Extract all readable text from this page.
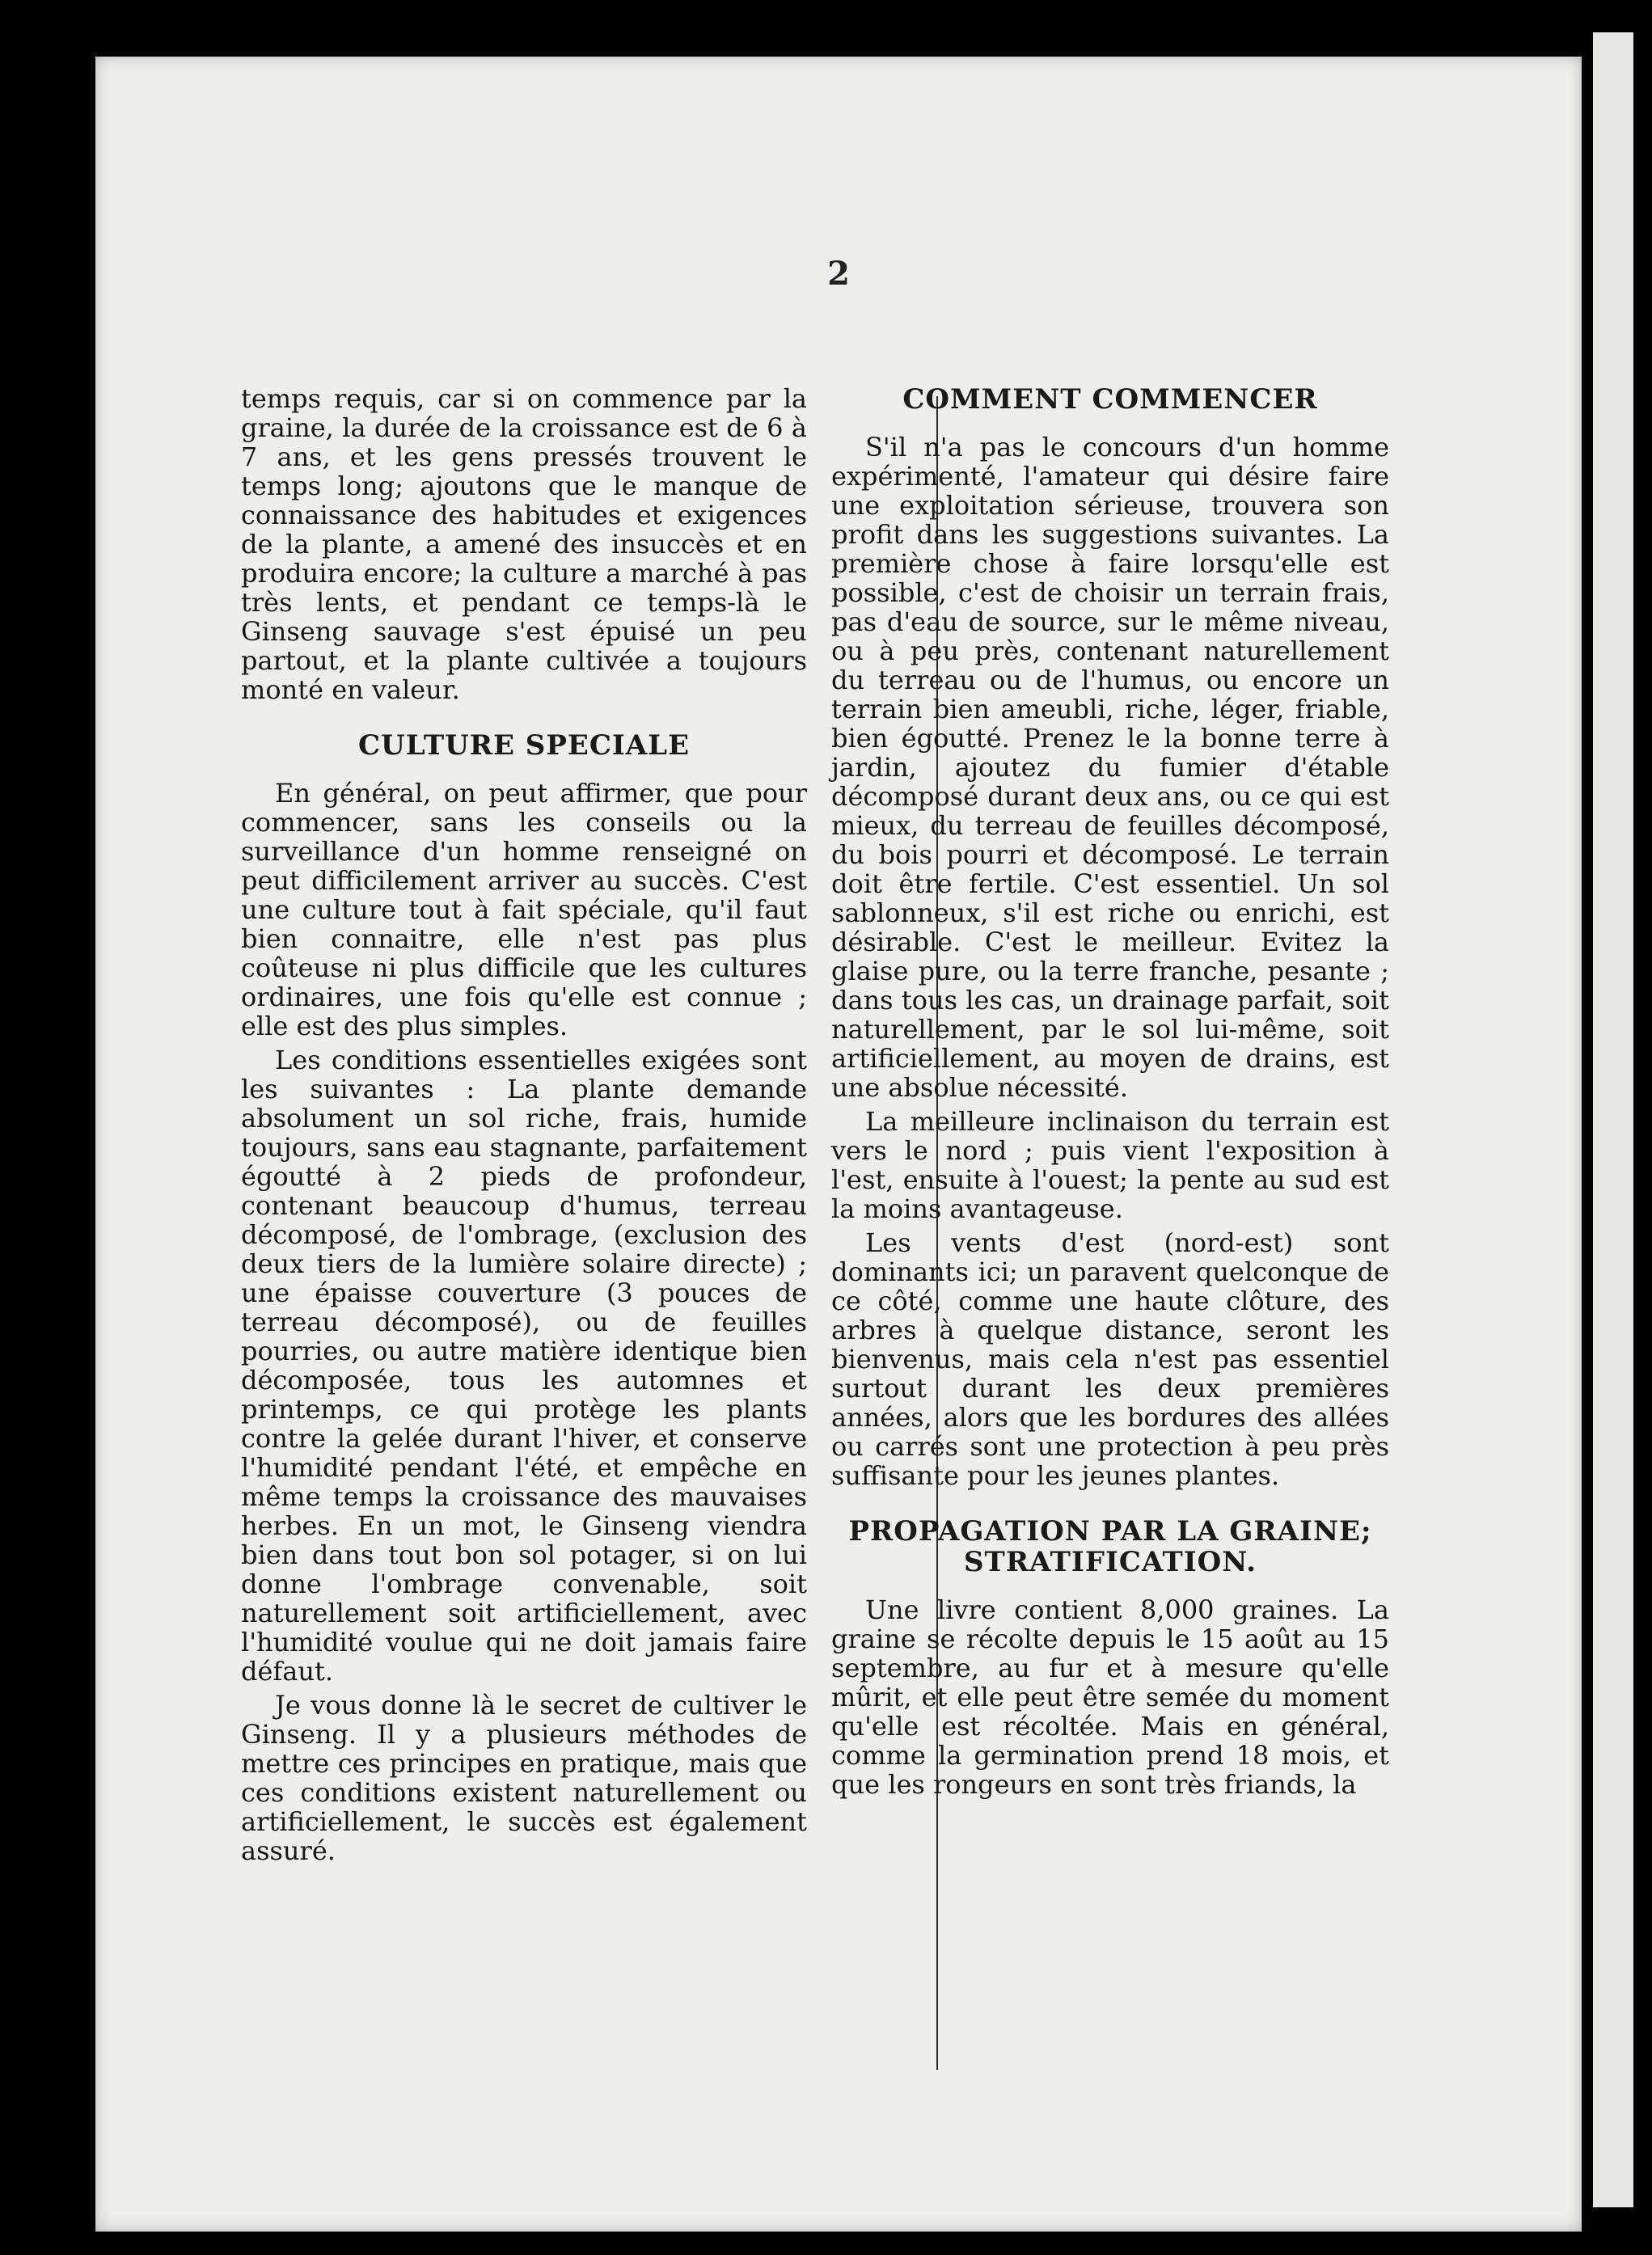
2

temps requis, car si on commence par la graine, la durée de la croissance est de 6 à 7 ans, et les gens pressés trouvent le temps long; ajoutons que le manque de connaissance des habitudes et exigences de la plante, a amené des insuccès et en produira encore; la culture a marché à pas très lents, et pendant ce temps-là le Ginseng sauvage s'est épuisé un peu partout, et la plante cultivée a toujours monté en valeur.

CULTURE SPECIALE

En général, on peut affirmer, que pour commencer, sans les conseils ou la surveillance d'un homme renseigné on peut difficilement arriver au succès. C'est une culture tout à fait spéciale, qu'il faut bien connaitre, elle n'est pas plus coûteuse ni plus difficile que les cultures ordinaires, une fois qu'elle est connue ; elle est des plus simples.

Les conditions essentielles exigées sont les suivantes : La plante demande absolument un sol riche, frais, humide toujours, sans eau stagnante, parfaitement égoutté à 2 pieds de profondeur, contenant beaucoup d'humus, terreau décomposé, de l'ombrage, (exclusion des deux tiers de la lumière solaire directe) ; une épaisse couverture (3 pouces de terreau décomposé), ou de feuilles pourries, ou autre matière identique bien décomposée, tous les automnes et printemps, ce qui protège les plants contre la gelée durant l'hiver, et conserve l'humidité pendant l'été, et empêche en même temps la croissance des mauvaises herbes. En un mot, le Ginseng viendra bien dans tout bon sol potager, si on lui donne l'ombrage convenable, soit naturellement soit artificiellement, avec l'humidité voulue qui ne doit jamais faire défaut.

Je vous donne là le secret de cultiver le Ginseng. Il y a plusieurs méthodes de mettre ces principes en pratique, mais que ces conditions existent naturellement ou artificiellement, le succès est également assuré.

COMMENT COMMENCER

S'il n'a pas le concours d'un homme expérimenté, l'amateur qui désire faire une exploitation sérieuse, trouvera son profit dans les suggestions suivantes. La première chose à faire lorsqu'elle est possible, c'est de choisir un terrain frais, pas d'eau de source, sur le même niveau, ou à peu près, contenant naturellement du terreau ou de l'humus, ou encore un terrain bien ameubli, riche, léger, friable, bien égoutté. Prenez le la bonne terre à jardin, ajoutez du fumier d'étable décomposé durant deux ans, ou ce qui est mieux, du terreau de feuilles décomposé, du bois pourri et décomposé. Le terrain doit être fertile. C'est essentiel. Un sol sablonneux, s'il est riche ou enrichi, est désirable. C'est le meilleur. Evitez la glaise pure, ou la terre franche, pesante ; dans tous les cas, un drainage parfait, soit naturellement, par le sol lui-même, soit artificiellement, au moyen de drains, est une absolue nécessité.

La meilleure inclinaison du terrain est vers le nord ; puis vient l'exposition à l'est, ensuite à l'ouest; la pente au sud est la moins avantageuse.

Les vents d'est (nord-est) sont dominants ici; un paravent quelconque de ce côté, comme une haute clôture, des arbres à quelque distance, seront les bienvenus, mais cela n'est pas essentiel surtout durant les deux premières années, alors que les bordures des allées ou carrés sont une protection à peu près suffisante pour les jeunes plantes.

PROPAGATION PAR LA GRAINE; STRATIFICATION.

Une livre contient 8,000 graines. La graine se récolte depuis le 15 août au 15 septembre, au fur et à mesure qu'elle mûrit, et elle peut être semée du moment qu'elle est récoltée. Mais en général, comme la germination prend 18 mois, et que les rongeurs en sont très friands, la
